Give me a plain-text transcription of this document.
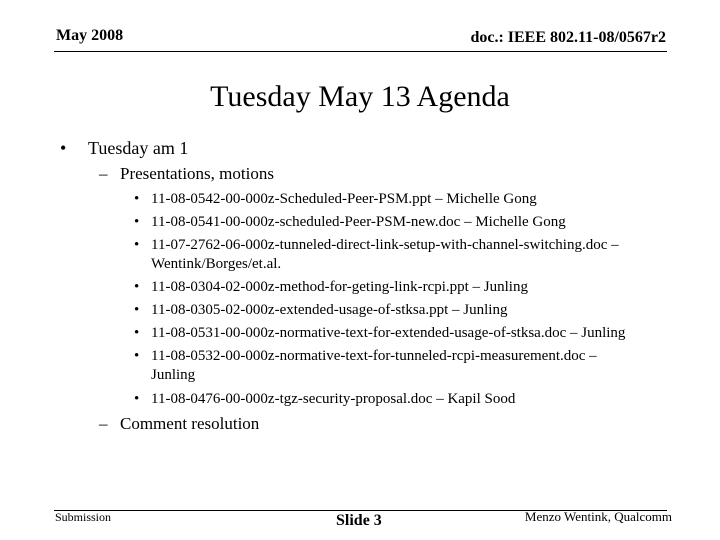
May 2008	doc.: IEEE 802.11-08/0567r2
Tuesday May 13 Agenda
• Tuesday am 1
– Presentations, motions
• 11-08-0542-00-000z-Scheduled-Peer-PSM.ppt – Michelle Gong
• 11-08-0541-00-000z-scheduled-Peer-PSM-new.doc – Michelle Gong
• 11-07-2762-06-000z-tunneled-direct-link-setup-with-channel-switching.doc –
Wentink/Borges/et.al.
• 11-08-0304-02-000z-method-for-geting-link-rcpi.ppt – Junling
• 11-08-0305-02-000z-extended-usage-of-stksa.ppt – Junling
• 11-08-0531-00-000z-normative-text-for-extended-usage-of-stksa.doc – Junling
• 11-08-0532-00-000z-normative-text-for-tunneled-rcpi-measurement.doc –
Junling
• 11-08-0476-00-000z-tgz-security-proposal.doc – Kapil Sood
– Comment resolution
Submission	Slide 3	Menzo Wentink, Qualcomm
